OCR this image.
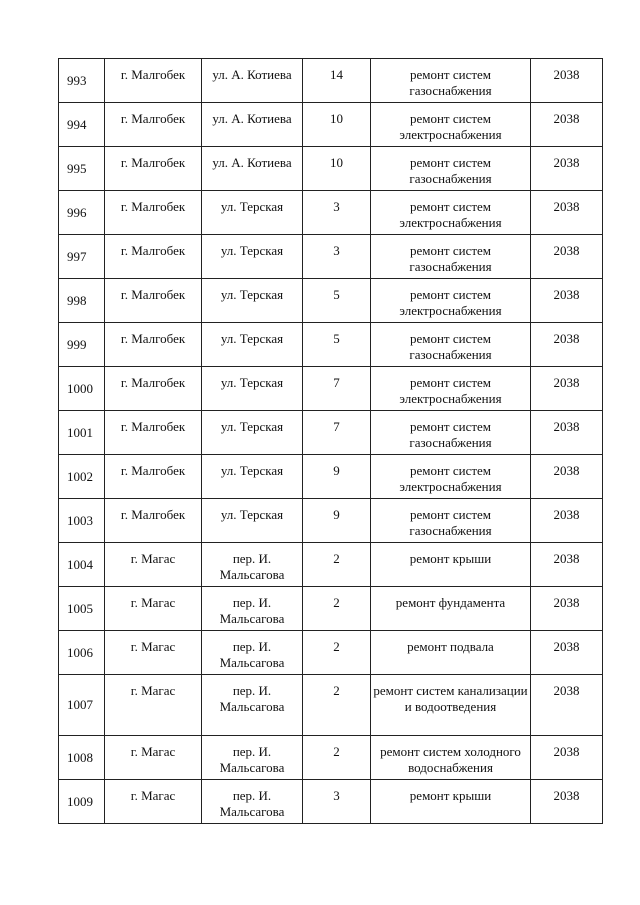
993	г. Малгобек	ул. А. Котиева	14	ремонт систем газоснабжения	2038
994	г. Малгобек	ул. А. Котиева	10	ремонт систем электроснабжения	2038
995	г. Малгобек	ул. А. Котиева	10	ремонт систем газоснабжения	2038
996	г. Малгобек	ул. Терская	3	ремонт систем электроснабжения	2038
997	г. Малгобек	ул. Терская	3	ремонт систем газоснабжения	2038
998	г. Малгобек	ул. Терская	5	ремонт систем электроснабжения	2038
999	г. Малгобек	ул. Терская	5	ремонт систем газоснабжения	2038
1000	г. Малгобек	ул. Терская	7	ремонт систем электроснабжения	2038
1001	г. Малгобек	ул. Терская	7	ремонт систем газоснабжения	2038
1002	г. Малгобек	ул. Терская	9	ремонт систем электроснабжения	2038
1003	г. Малгобек	ул. Терская	9	ремонт систем газоснабжения	2038
1004	г. Магас	пер. И. Мальсагова	2	ремонт крыши	2038
1005	г. Магас	пер. И. Мальсагова	2	ремонт фундамента	2038
1006	г. Магас	пер. И. Мальсагова	2	ремонт подвала	2038
1007	г. Магас	пер. И. Мальсагова	2	ремонт систем канализации и водоотведения	2038
1008	г. Магас	пер. И. Мальсагова	2	ремонт систем холодного водоснабжения	2038
1009	г. Магас	пер. И. Мальсагова	3	ремонт крыши	2038
